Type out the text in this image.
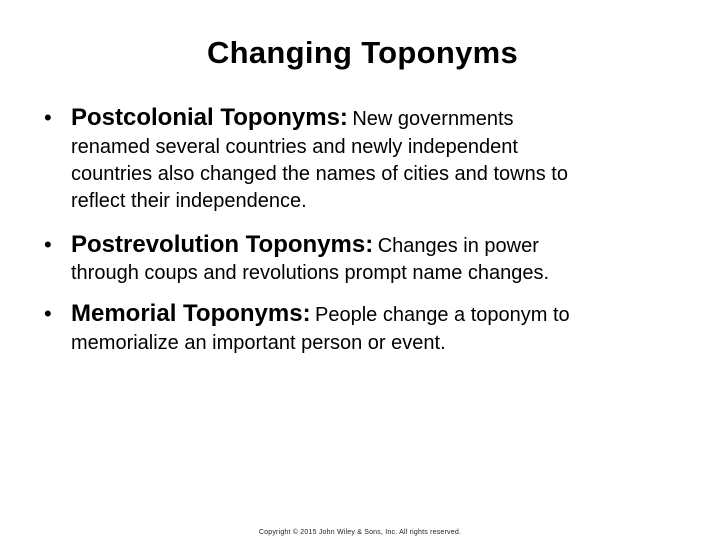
Changing Toponyms
• Postcolonial Toponyms: New governments
renamed several countries and newly independent
countries also changed the names of cities and towns to
reflect their independence.
• Postrevolution Toponyms: Changes in power
through coups and revolutions prompt name changes.
• Memorial Toponyms: People change a toponym to
memorialize an important person or event.
Copyright © 2015 John Wiley & Sons, Inc. All rights reserved.
